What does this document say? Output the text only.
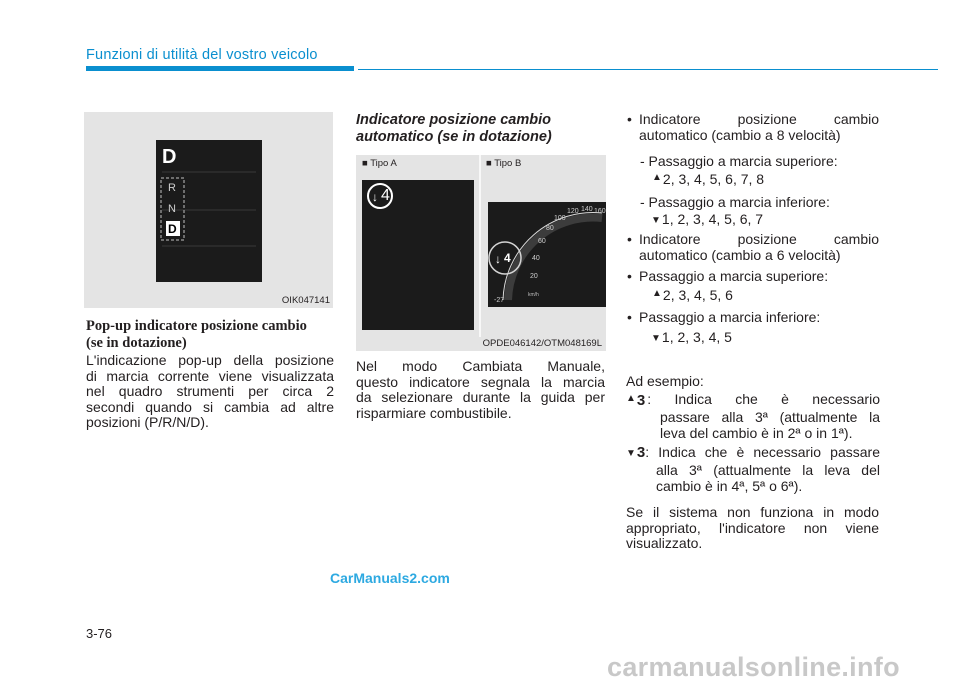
Funzioni di utilità del vostro veicolo
D
R
N
D
OIK047141
Pop-up indicatore posizione cambio
(se in dotazione)
L'indicazione pop-up della posizione
di marcia corrente viene visualizzata
nel quadro strumenti per circa 2
secondi quando si cambia ad altre
posizioni (P/R/N/D).
Indicatore posizione cambio
automatico (se in dotazione)
↓
↓
■ Tipo A	■ Tipo B
4
4
20
40
60
80
100
120 140 160
-27
km/h
OPDE046142/OTM048169L
Nel modo Cambiata Manuale,
questo indicatore segnala la marcia
da selezionare durante la guida per
risparmiare combustibile.
• Indicatore posizione cambio
automatico (cambio a 8 velocità)
- Passaggio a marcia superiore:
▲2, 3, 4, 5, 6, 7, 8
- Passaggio a marcia inferiore:
▼1, 2, 3, 4, 5, 6, 7
• Indicatore posizione cambio
automatico (cambio a 6 velocità)
• Passaggio a marcia superiore:
▲2, 3, 4, 5, 6
• Passaggio a marcia inferiore:
▼1, 2, 3, 4, 5
Ad esempio:
▲3 : Indica che è necessario
passare alla 3ª (attualmente la
leva del cambio è in 2ª o in 1ª).
▼3 : Indica che è necessario passare
alla 3ª (attualmente la leva del
cambio è in 4ª, 5ª o 6ª).
Se il sistema non funziona in modo
appropriato, l'indicatore non viene
visualizzato.
CarManuals2.com
3-76
carmanualsonline.info
